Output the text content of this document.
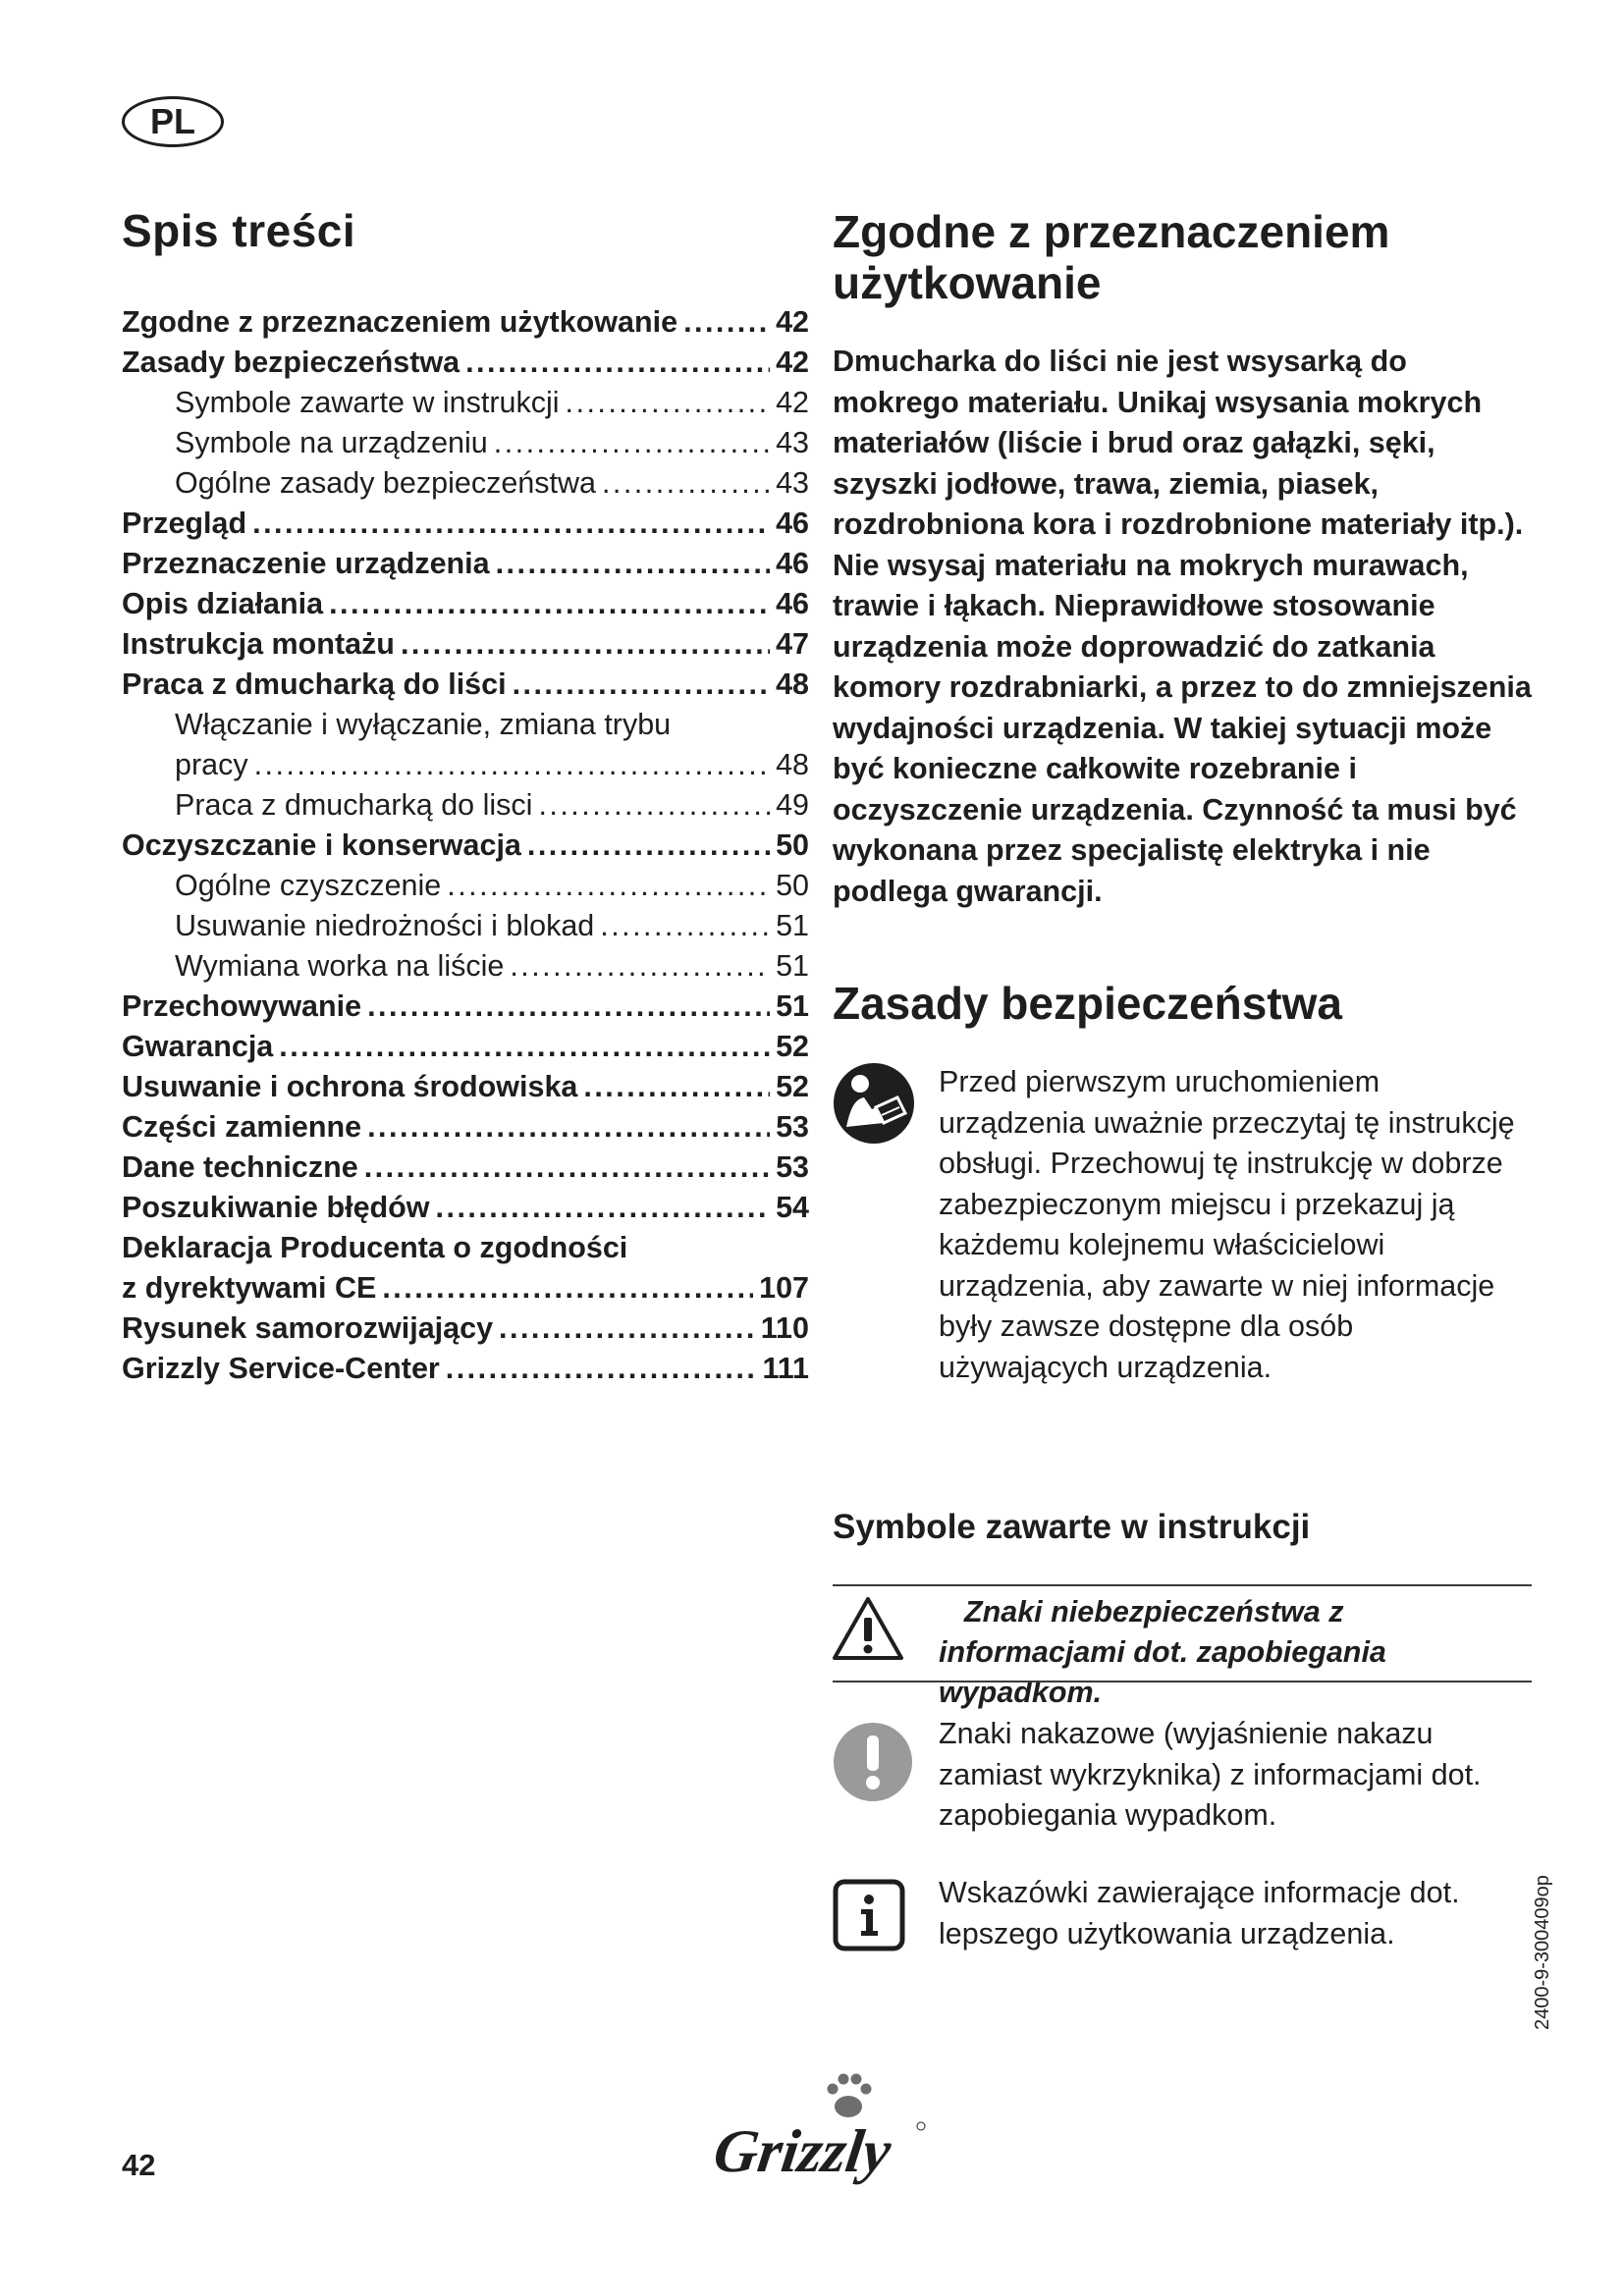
PL
Spis treści
Zgodne z przeznaczeniem użytkowanie . . .	42
Zasady bezpieczeństwa . . .	42
Symbole zawarte w instrukcji . . .	42
Symbole na urządzeniu . . .	43
Ogólne zasady bezpieczeństwa . . .	43
Przegląd . . .	46
Przeznaczenie urządzenia . . .	46
Opis działania . . .	46
Instrukcja montażu . . .	47
Praca z dmucharką do liści . . .	48
Włączanie i wyłączanie, zmiana trybu
pracy . . .	48
Praca z dmucharką do lisci . . .	49
Oczyszczanie i konserwacja . . .	50
Ogólne czyszczenie . . .	50
Usuwanie niedrożności i blokad . . .	51
Wymiana worka na liście . . .	51
Przechowywanie . . .	51
Gwarancja . . .	52
Usuwanie i ochrona środowiska . . .	52
Części zamienne . . .	53
Dane techniczne . . .	53
Poszukiwanie błędów . . .	54
Deklaracja Producenta o zgodności
z dyrektywami CE . . .	107
Rysunek samorozwijający . . .	110
Grizzly Service-Center . . .	111
Zgodne z przeznaczeniem
użytkowanie

Dmucharka do liści nie jest wsysarką do mokrego materiału. Unikaj wsysania mokrych materiałów (liście i brud oraz gałązki, sęki, szyszki jodłowe, trawa, ziemia, piasek, rozdrobniona kora i rozdrobnione materiały itp.). Nie wsysaj materiału na mokrych murawach, trawie i łąkach. Nieprawidłowe stosowanie urządzenia może doprowadzić do zatkania komory rozdrabniarki, a przez to do zmniejszenia wydajności urządzenia. W takiej sytuacji może być konieczne całkowite rozebranie i oczyszczenie urządzenia. Czynność ta musi być wykonana przez specjalistę elektryka i nie podlega gwarancji.

Zasady bezpieczeństwa

Przed pierwszym uruchomieniem urządzenia uważnie przeczytaj tę instrukcję obsługi. Przechowuj tę instrukcję w dobrze zabezpieczonym miejscu i przekazuj ją każdemu kolejnemu właścicielowi urządzenia, aby zawarte w niej informacje były zawsze dostępne dla osób używających urządzenia.

Symbole zawarte w instrukcji

Znaki niebezpieczeństwa z informacjami dot. zapobiegania wypadkom.

Znaki nakazowe (wyjaśnienie nakazu zamiast wykrzyknika) z informacjami dot. zapobiegania wypadkom.

Wskazówki zawierające informacje dot. lepszego użytkowania urządzenia.	2400-9-300409op
42	Grizzly
